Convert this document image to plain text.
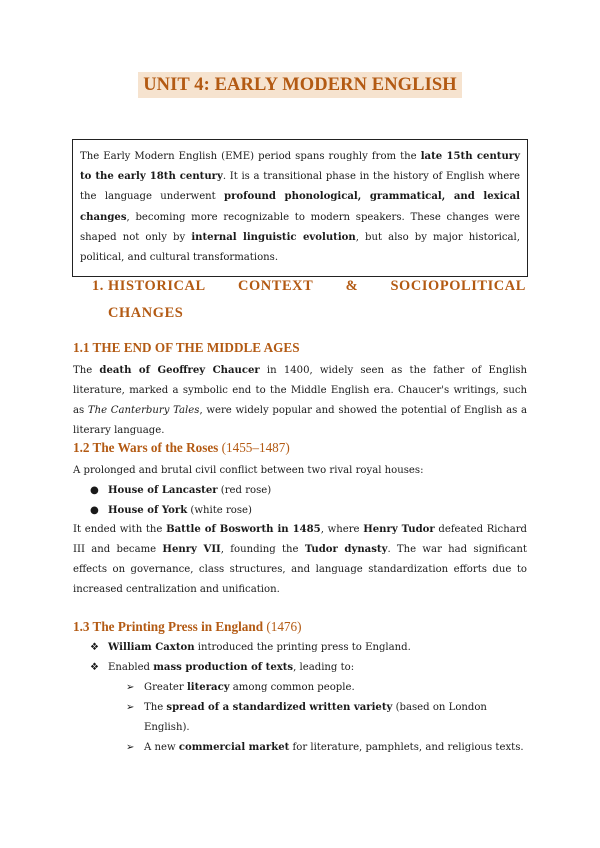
UNIT 4: EARLY MODERN ENGLISH
The Early Modern English (EME) period spans roughly from the late 15th century to the early 18th century. It is a transitional phase in the history of English where the language underwent profound phonological, grammatical, and lexical changes, becoming more recognizable to modern speakers. These changes were shaped not only by internal linguistic evolution, but also by major historical, political, and cultural transformations.
1. HISTORICAL CONTEXT & SOCIOPOLITICAL
CHANGES
1.1 THE END OF THE MIDDLE AGES
The death of Geoffrey Chaucer in 1400, widely seen as the father of English literature, marked a symbolic end to the Middle English era. Chaucer's writings, such as The Canterbury Tales, were widely popular and showed the potential of English as a literary language.
1.2 The Wars of the Roses (1455–1487)
A prolonged and brutal civil conflict between two rival royal houses:
● House of Lancaster (red rose)
● House of York (white rose)
It ended with the Battle of Bosworth in 1485, where Henry Tudor defeated Richard III and became Henry VII, founding the Tudor dynasty. The war had significant effects on governance, class structures, and language standardization efforts due to increased centralization and unification.
1.3 The Printing Press in England (1476)
❖ William Caxton introduced the printing press to England.
❖ Enabled mass production of texts, leading to:
➢ Greater literacy among common people.
➢ The spread of a standardized written variety (based on London English).
➢ A new commercial market for literature, pamphlets, and religious texts.
